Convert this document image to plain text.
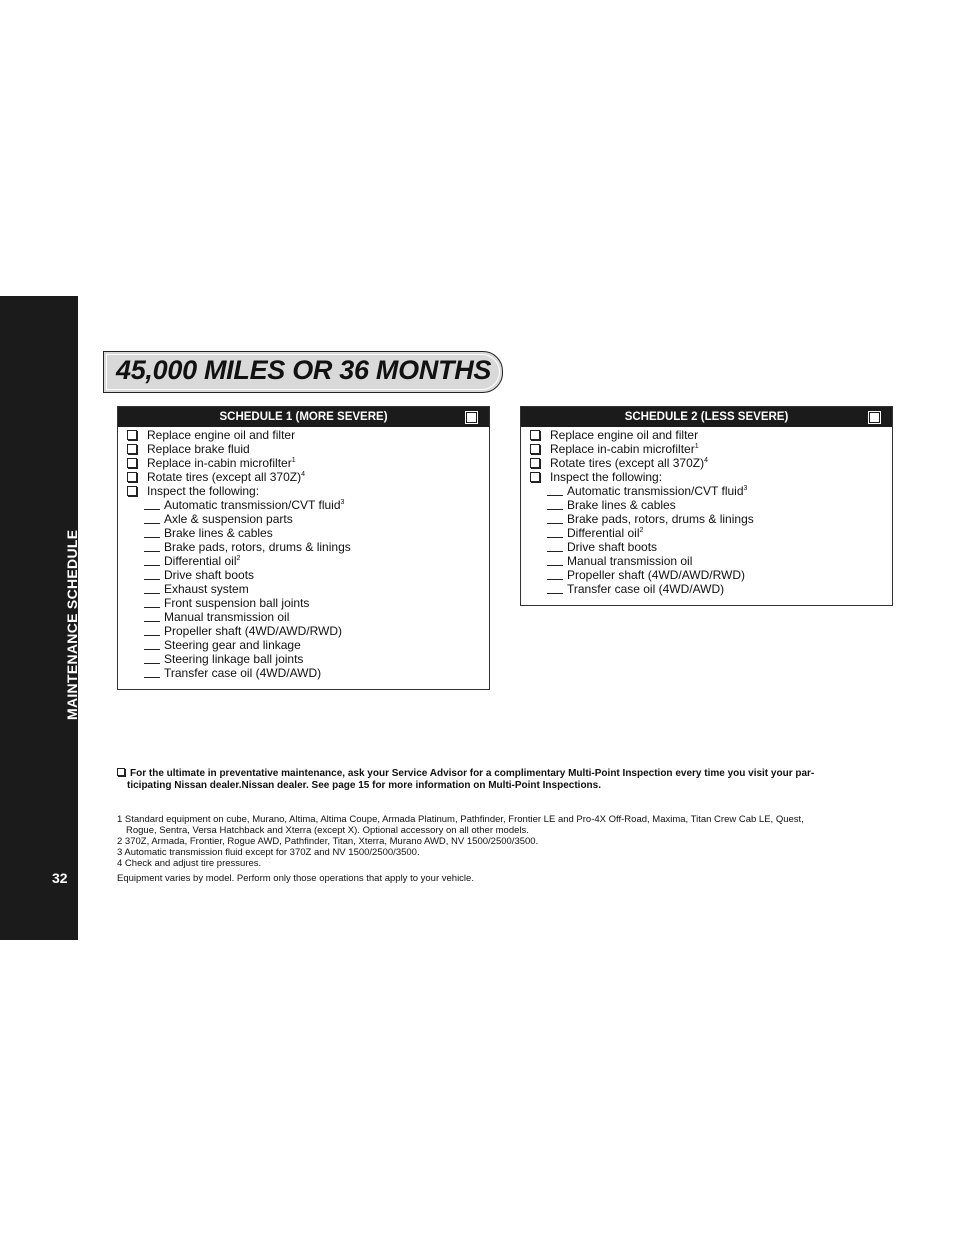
MAINTENANCE SCHEDULE
32
45,000 MILES OR 36 MONTHS
SCHEDULE 1 (MORE SEVERE)
Replace engine oil and filter
Replace brake fluid
Replace in-cabin microfilter$^1$
Rotate tires (except all 370Z)$^4$
Inspect the following:
Automatic transmission/CVT fluid$^3$
Axle & suspension parts
Brake lines & cables
Brake pads, rotors, drums & linings
Differential oil$^2$
Drive shaft boots
Exhaust system
Front suspension ball joints
Manual transmission oil
Propeller shaft (4WD/AWD/RWD)
Steering gear and linkage
Steering linkage ball joints
Transfer case oil (4WD/AWD)
SCHEDULE 2 (LESS SEVERE)
Replace engine oil and filter
Replace in-cabin microfilter$^1$
Rotate tires (except all 370Z)$^4$
Inspect the following:
Automatic transmission/CVT fluid$^3$
Brake lines & cables
Brake pads, rotors, drums & linings
Differential oil$^2$
Drive shaft boots
Manual transmission oil
Propeller shaft (4WD/AWD/RWD)
Transfer case oil (4WD/AWD)
For the ultimate in preventative maintenance, ask your Service Advisor for a complimentary Multi-Point Inspection every time you visit your par-
ticipating Nissan dealer.Nissan dealer. See page 15 for more information on Multi-Point Inspections.
1 Standard equipment on cube, Murano, Altima, Altima Coupe, Armada Platinum, Pathfinder, Frontier LE and Pro-4X Off-Road, Maxima, Titan Crew Cab LE, Quest,
Rogue, Sentra, Versa Hatchback and Xterra (except X). Optional accessory on all other models.
2 370Z, Armada, Frontier, Rogue AWD, Pathfinder, Titan, Xterra, Murano AWD, NV 1500/2500/3500.
3 Automatic transmission fluid except for 370Z and NV 1500/2500/3500.
4 Check and adjust tire pressures.
Equipment varies by model. Perform only those operations that apply to your vehicle.
